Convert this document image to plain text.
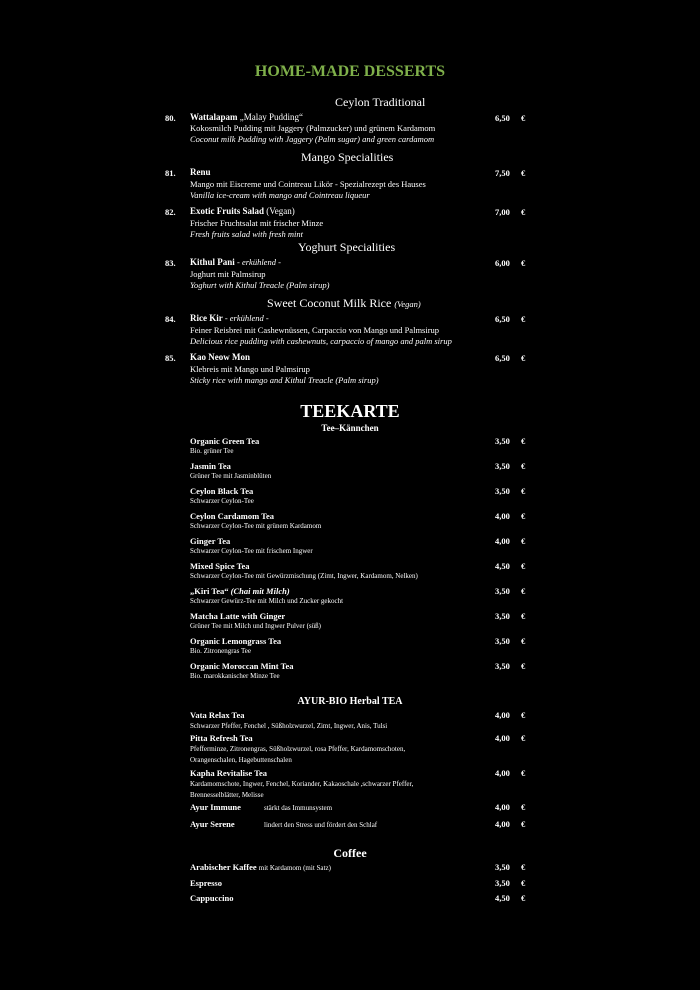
HOME-MADE DESSERTS
Ceylon Traditional
80. Wattalapam „Malay Pudding“
Kokosmilch Pudding mit Jaggery (Palmzucker) und grünem Kardamom
Coconut milk Pudding with Jaggery (Palm sugar) and green cardamom
6,50 €
Mango Specialities
81. Renu
Mango mit Eiscreme und Cointreau Likör - Spezialrezept des Hauses
Vanilla ice-cream with mango and Cointreau liqueur
7,50 €
82. Exotic Fruits Salad (Vegan)
Frischer Fruchtsalat mit frischer Minze
Fresh fruits salad with fresh mint
7,00 €
Yoghurt Specialities
83. Kithul Pani - erkühlend -
Joghurt mit Palmsirup
Yoghurt with Kithul Treacle (Palm sirup)
6,00 €
Sweet Coconut Milk Rice (Vegan)
84. Rice Kir - erkühlend -
Feiner Reisbrei mit Cashewnüssen, Carpaccio von Mango und Palmsirup
Delicious rice pudding with cashewnuts, carpaccio of mango and palm sirup
6,50 €
85. Kao Neow Mon
Klebreis mit Mango und Palmsirup
Sticky rice with mango and Kithul Treacle (Palm sirup)
6,50 €
TEEKARTE
Tee–Kännchen
Organic Green Tea
Bio. grüner Tee
3,50 €
Jasmin Tea
Grüner Tee mit Jasminblüten
3,50 €
Ceylon Black Tea
Schwarzer Ceylon-Tee
3,50 €
Ceylon Cardamom Tea
Schwarzer Ceylon-Tee mit grünem Kardamom
4,00 €
Ginger Tea
Schwarzer Ceylon-Tee mit frischem Ingwer
4,00 €
Mixed Spice Tea
Schwarzer Ceylon-Tee mit Gewürzmischung (Zimt, Ingwer, Kardamom, Nelken)
4,50 €
„Kiri Tea“ (Chai mit Milch)
Schwarzer Gewürz-Tee mit Milch und Zucker gekocht
3,50 €
Matcha Latte with Ginger
Grüner Tee mit Milch und Ingwer Pulver (süß)
3,50 €
Organic Lemongrass Tea
Bio. Zitronengras Tee
3,50 €
Organic Moroccan Mint Tea
Bio. marokkanischer Minze Tee
3,50 €
AYUR-BIO Herbal TEA
Vata Relax Tea
Schwarzer Pfeffer, Fenchel , Süßholzwurzel, Zimt, Ingwer, Anis, Tulsi
4,00 €
Pitta Refresh Tea
Pfefferminze, Zitronengras, Süßholzwurzel, rosa Pfeffer, Kardamomschoten,
Orangenschalen, Hagebuttenschalen
4,00 €
Kapha Revitalise Tea
Kardamomschote, Ingwer, Fenchel, Koriander, Kakaoschale ,schwarzer Pfeffer,
Brennesselblätter, Melisse
4,00 €
Ayur Immune	stärkt das Immunsystem	4,00 €
Ayur Serene	lindert den Stress und fördert den Schlaf	4,00 €
Coffee
Arabischer Kaffee mit Kardamom (mit Satz)	3,50 €
Espresso	3,50 €
Cappuccino	4,50 €
